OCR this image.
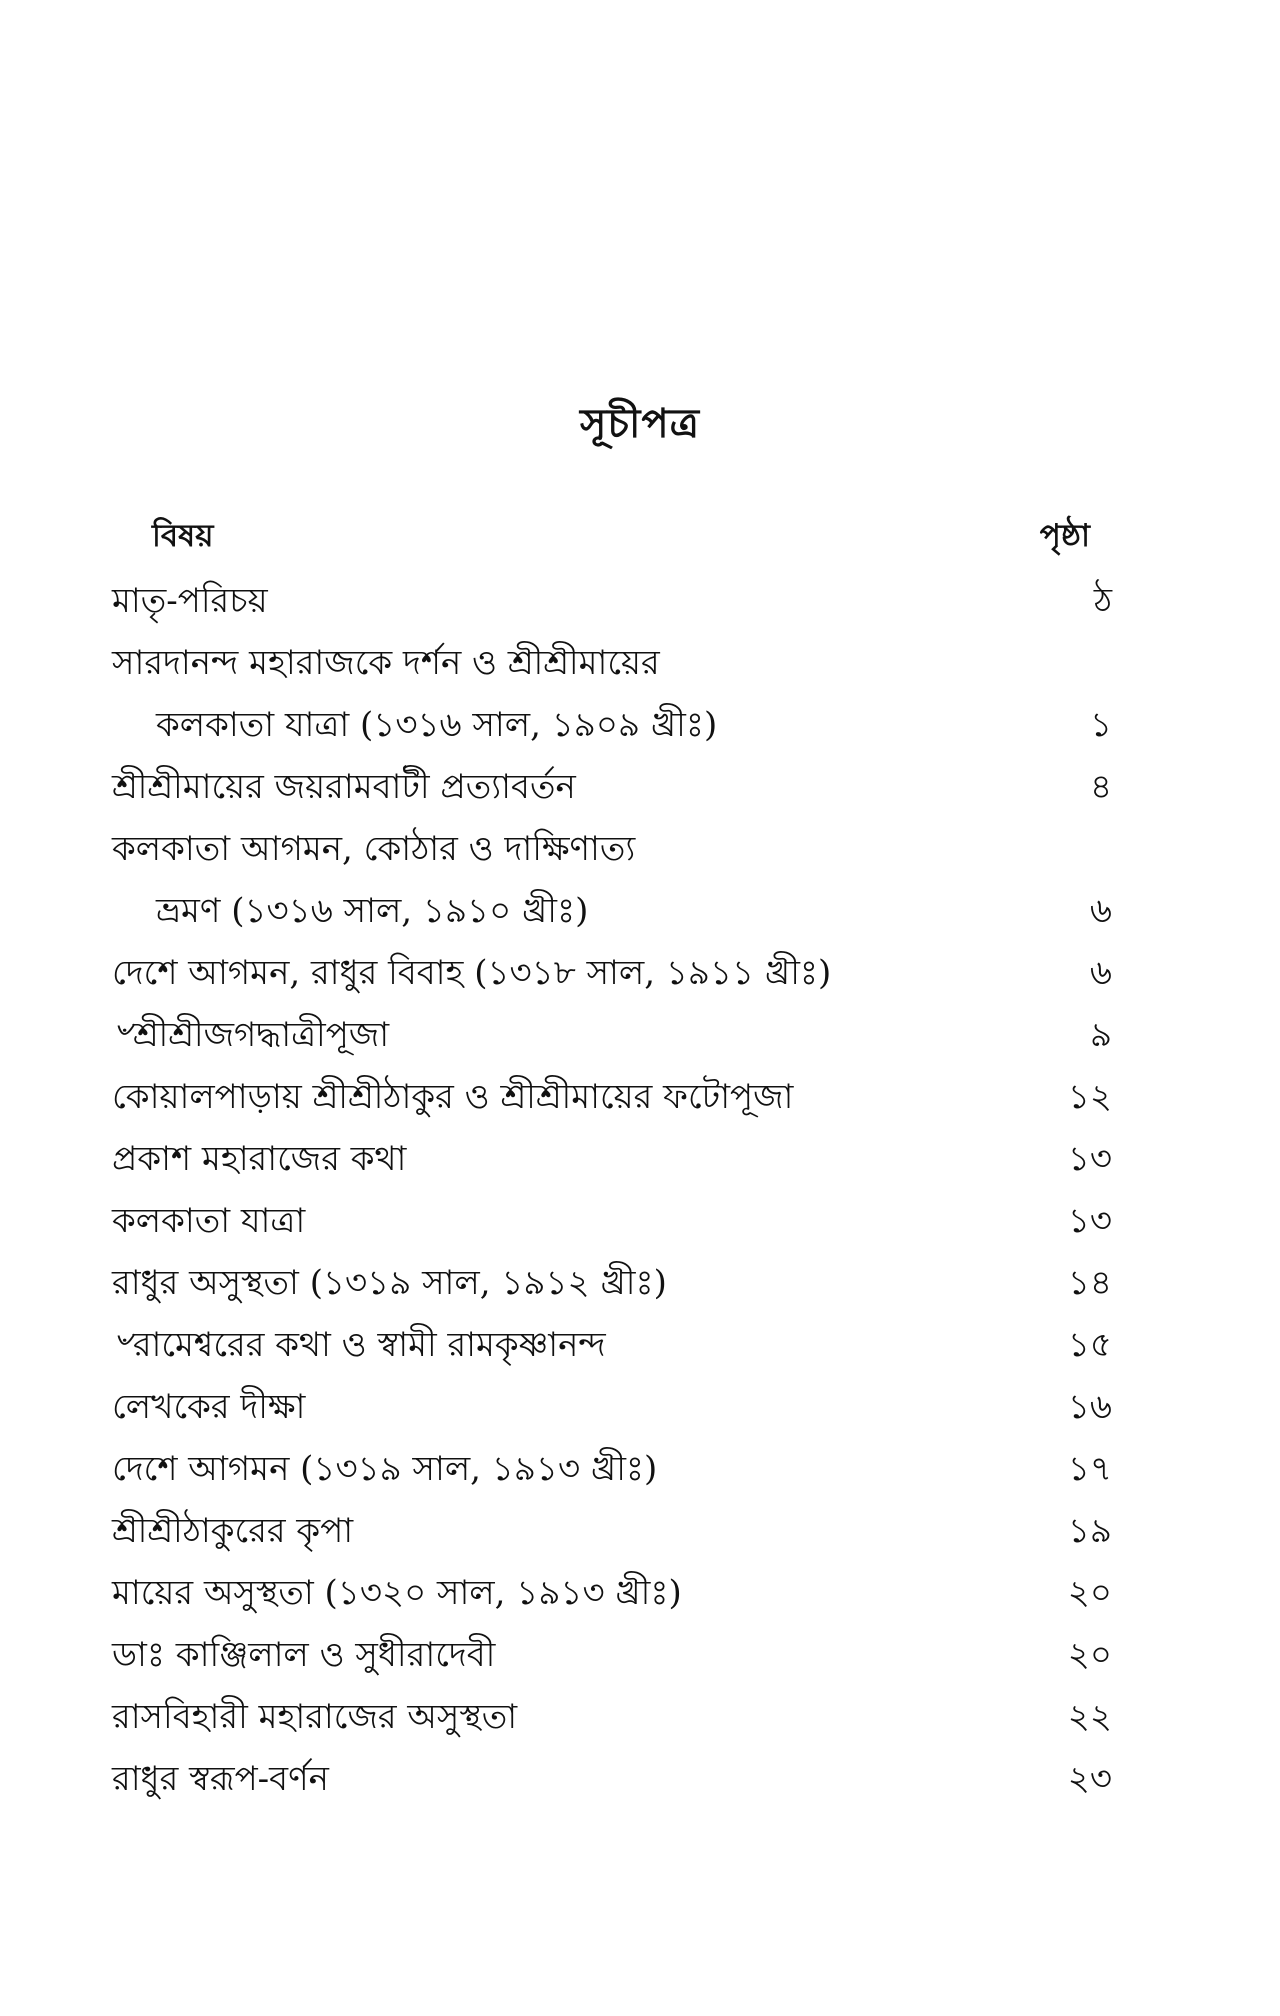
সূচীপত্র
বিষয়	পৃষ্ঠা
মাতৃ-পরিচয়	ঠ
সারদানন্দ মহারাজকে দর্শন ও শ্রীশ্রীমায়ের
কলকাতা যাত্রা (১৩১৬ সাল, ১৯০৯ খ্রীঃ)	১
শ্রীশ্রীমায়ের জয়রামবাটী প্রত্যাবর্তন	৪
কলকাতা আগমন, কোঠার ও দাক্ষিণাত্য
ভ্রমণ (১৩১৬ সাল, ১৯১০ খ্রীঃ)	৬
দেশে আগমন, রাধুর বিবাহ (১৩১৮ সাল, ১৯১১ খ্রীঃ)	৬
৺শ্রীশ্রীজগদ্ধাত্রীপূজা	৯
কোয়ালপাড়ায় শ্রীশ্রীঠাকুর ও শ্রীশ্রীমায়ের ফটোপূজা	১২
প্রকাশ মহারাজের কথা	১৩
কলকাতা যাত্রা	১৩
রাধুর অসুস্থতা (১৩১৯ সাল, ১৯১২ খ্রীঃ)	১৪
৺রামেশ্বরের কথা ও স্বামী রামকৃষ্ণানন্দ	১৫
লেখকের দীক্ষা	১৬
দেশে আগমন (১৩১৯ সাল, ১৯১৩ খ্রীঃ)	১৭
শ্রীশ্রীঠাকুরের কৃপা	১৯
মায়ের অসুস্থতা (১৩২০ সাল, ১৯১৩ খ্রীঃ)	২০
ডাঃ কাঞ্জিলাল ও সুধীরাদেবী	২০
রাসবিহারী মহারাজের অসুস্থতা	২২
রাধুর স্বরূপ-বর্ণন	২৩
